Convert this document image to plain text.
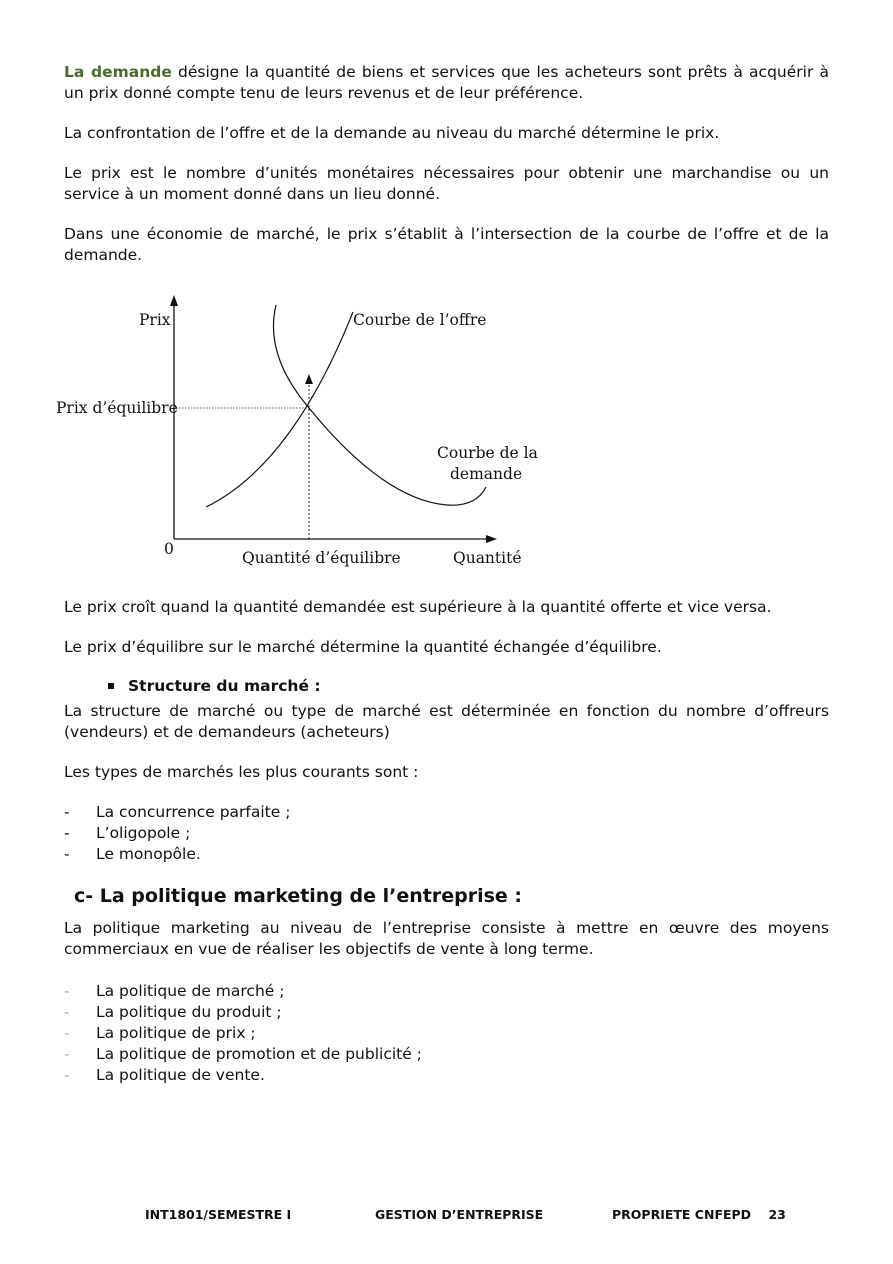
La demande désigne la quantité de biens et services que les acheteurs sont prêts à acquérir à un prix donné compte tenu de leurs revenus et de leur préférence.

La confrontation de l’offre et de la demande au niveau du marché détermine le prix.

Le prix est le nombre d’unités monétaires nécessaires pour obtenir une marchandise ou un service à un moment donné dans un lieu donné.

Dans une économie de marché, le prix s’établit à l’intersection de la courbe de l’offre et de la demande.

Prix	Courbe de l’offre
Prix d’équilibre
Courbe de la
demande
0	Quantité d’équilibre	Quantité

Le prix croît quand la quantité demandée est supérieure à la quantité offerte et vice versa.

Le prix d’équilibre sur le marché détermine la quantité échangée d’équilibre.

Structure du marché :

La structure de marché ou type de marché est déterminée en fonction du nombre d’offreurs (vendeurs) et de demandeurs (acheteurs)

Les types de marchés les plus courants sont :

- La concurrence parfaite ;
- L’oligopole ;
- Le monopôle.
c- La politique marketing de l’entreprise :

La politique marketing au niveau de l’entreprise consiste à mettre en œuvre des moyens commerciaux en vue de réaliser les objectifs de vente à long terme.

- La politique de marché ;
- La politique du produit ;
- La politique de prix ;
- La politique de promotion et de publicité ;
- La politique de vente.
INT1801/SEMESTRE I	GESTION D’ENTREPRISE	PROPRIETE CNFEPD    23
